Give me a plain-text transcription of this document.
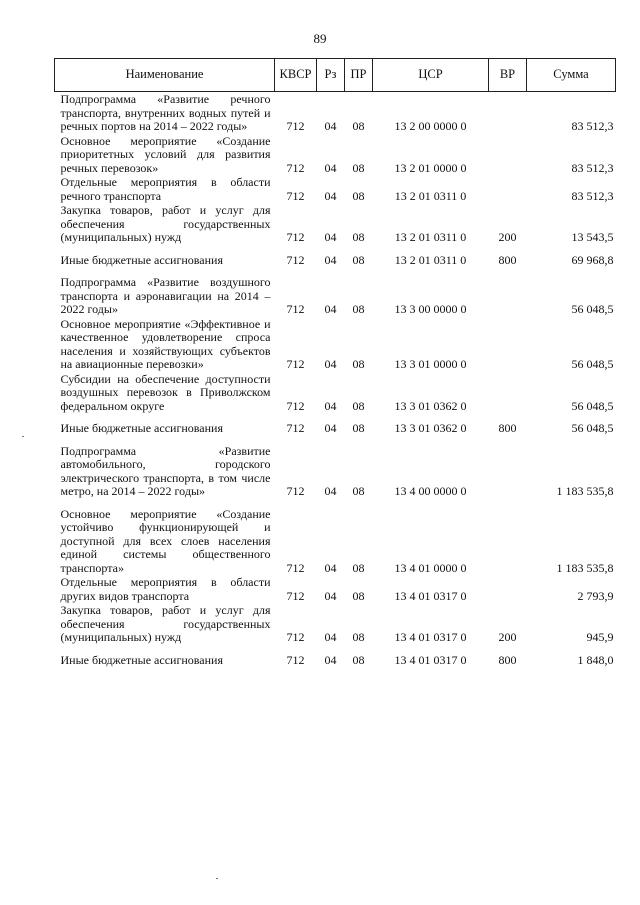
89
Наименование	КВСР	Рз	ПР	ЦСР	ВР	Сумма
Подпрограмма «Развитие речного транспорта, внутренних водных путей и речных портов на 2014 – 2022 годы»	712	04	08	13 2 00 0000 0		83 512,3
Основное мероприятие «Создание приоритетных условий для развития речных перевозок»	712	04	08	13 2 01 0000 0		83 512,3
Отдельные мероприятия в области речного транспорта	712	04	08	13 2 01 0311 0		83 512,3
Закупка товаров, работ и услуг для обеспечения государственных (муниципальных) нужд	712	04	08	13 2 01 0311 0	200	13 543,5
Иные бюджетные ассигнования	712	04	08	13 2 01 0311 0	800	69 968,8
Подпрограмма «Развитие воздушного транспорта и аэронавигации на 2014 – 2022 годы»	712	04	08	13 3 00 0000 0		56 048,5
Основное мероприятие «Эффективное и качественное удовлетворение спроса населения и хозяйствующих субъектов на авиационные перевозки»	712	04	08	13 3 01 0000 0		56 048,5
Субсидии на обеспечение доступности воздушных перевозок в Приволжском федеральном округе	712	04	08	13 3 01 0362 0		56 048,5
Иные бюджетные ассигнования	712	04	08	13 3 01 0362 0	800	56 048,5
Подпрограмма «Развитие автомобильного, городского электрического транспорта, в том числе метро, на 2014 – 2022 годы»	712	04	08	13 4 00 0000 0		1 183 535,8
Основное мероприятие «Создание устойчиво функционирующей и доступной для всех слоев населения единой системы общественного транспорта»	712	04	08	13 4 01 0000 0		1 183 535,8
Отдельные мероприятия в области других видов транспорта	712	04	08	13 4 01 0317 0		2 793,9
Закупка товаров, работ и услуг для обеспечения государственных (муниципальных) нужд	712	04	08	13 4 01 0317 0	200	945,9
Иные бюджетные ассигнования	712	04	08	13 4 01 0317 0	800	1 848,0
